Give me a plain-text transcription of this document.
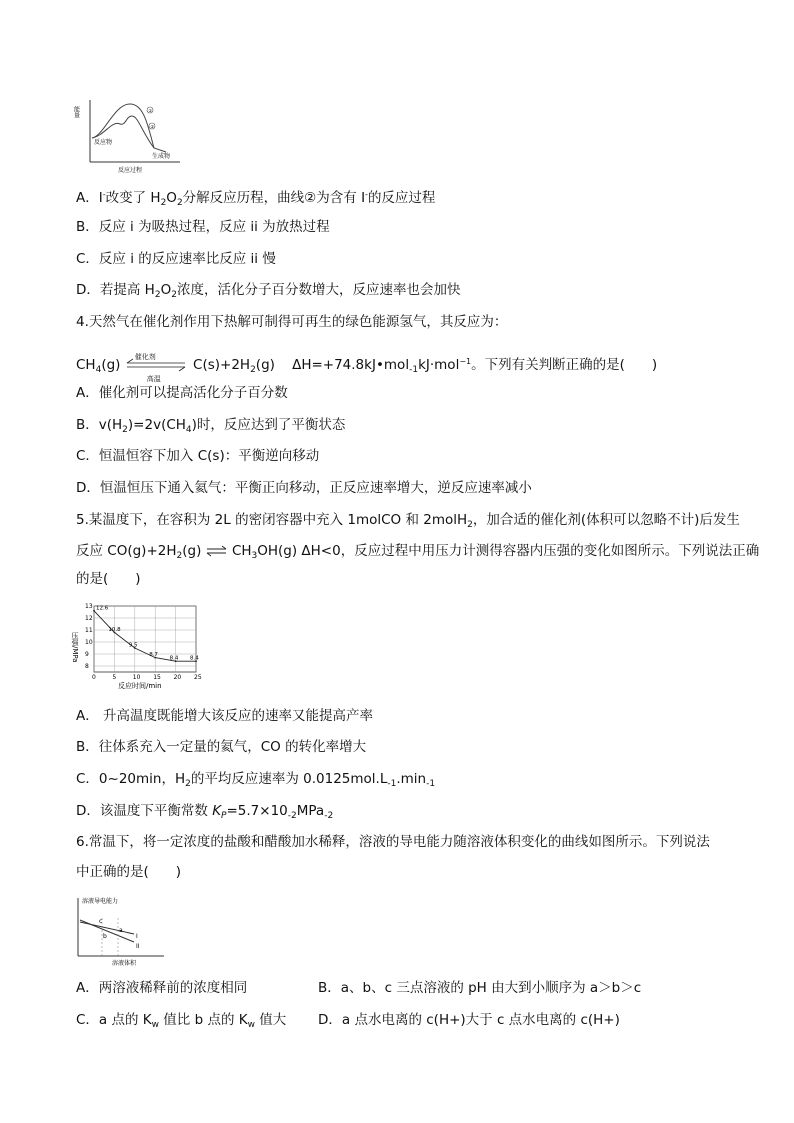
能量	①
②
反应物
生成物
反应过程
A．I-改变了 $H_2O_2$分解反应历程，曲线②为含有 I-的反应过程
B．反应 i 为吸热过程，反应 ii 为放热过程
C．反应 i 的反应速率比反应 ii 慢
D．若提高 $H_2O_2$浓度，活化分子百分数增大，反应速率也会加快
4.天然气在催化剂作用下热解可制得可再生的绿色能源氢气，其反应为：
$CH_4(g)$ 催化剂
高温
$C(s)+2H_2(g)$ ΔH=+74.8kJ•mol$_{-1}$kJ·mol$^{-1}$。下列有关判断正确的是(　　)
A．催化剂可以提高活化分子百分数
B．$v(H_2)=2v(CH_4)$时，反应达到了平衡状态
C．恒温恒容下加入 C(s)：平衡逆向移动
D．恒温恒压下通入氦气：平衡正向移动，正反应速率增大，逆反应速率减小
5.某温度下，在容积为 2L 的密闭容器中充入 1molCO 和 2molH$_2$，加合适的催化剂(体积可以忽略不计)后发生
反应 $CO(g)+2H_2(g)$ ⇌ $CH_3OH(g)$ ΔH<0，反应过程中用压力计测得容器内压强的变化如图所示。下列说法正确
的是(　　)
压强/MPa
反应时间/min
0	5	10 15 20 25
8
9
10
11
12
13 12.6
10.8
9.5
8.7
8.4 8.4
A． 升高温度既能增大该反应的速率又能提高产率
B．往体系充入一定量的氦气，CO 的转化率增大
C．0~20min，$H_2$的平均反应速率为 $0.0125mol.L_{-1}.\min_{-1}$
D．该温度下平衡常数 $K_P=5.7\times 10_{-2}MPa_{-2}$
6.常温下，将一定浓度的盐酸和醋酸加水稀释，溶液的导电能力随溶液体积变化的曲线如图所示。下列说法
中正确的是(　　)
溶液导电能力
溶液体积
c
a
b	I
II
A．两溶液稀释前的浓度相同	B．a、b、c 三点溶液的 pH 由大到小顺序为 a＞b＞c
C．a 点的 $K_w$ 值比 b 点的 $K_w$ 值大 D．a 点水电离的 c(H+)大于 c 点水电离的 c(H+)
